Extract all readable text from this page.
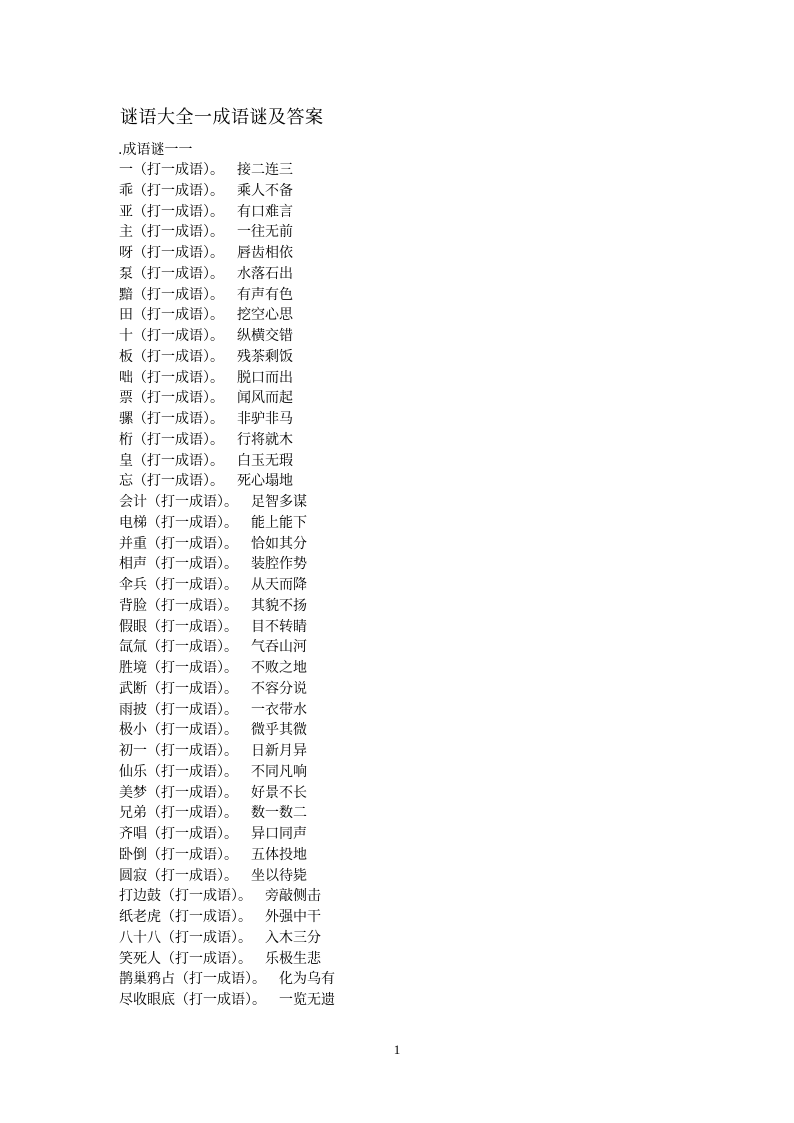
谜语大全一成语谜及答案
.成语谜一一
一（打一成语）。 接二连三
乖（打一成语）。 乘人不备
亚（打一成语）。 有口难言
主（打一成语）。 一往无前
呀（打一成语）。 唇齿相依
泵（打一成语）。 水落石出
黯（打一成语）。 有声有色
田（打一成语）。 挖空心思
十（打一成语）。 纵横交错
板（打一成语）。 残茶剩饭
咄（打一成语）。 脱口而出
票（打一成语）。 闻风而起
骡（打一成语）。 非驴非马
桁（打一成语）。 行将就木
皇（打一成语）。 白玉无瑕
忘（打一成语）。 死心塌地
会计（打一成语）。 足智多谋
电梯（打一成语）。 能上能下
并重（打一成语）。 恰如其分
相声（打一成语）。 装腔作势
伞兵（打一成语）。 从天而降
背脸（打一成语）。 其貌不扬
假眼（打一成语）。 目不转睛
氙氚（打一成语）。 气吞山河
胜境（打一成语）。 不败之地
武断（打一成语）。 不容分说
雨披（打一成语）。 一衣带水
极小（打一成语）。 微乎其微
初一（打一成语）。 日新月异
仙乐（打一成语）。 不同凡响
美梦（打一成语）。 好景不长
兄弟（打一成语）。 数一数二
齐唱（打一成语）。 异口同声
卧倒（打一成语）。 五体投地
圆寂（打一成语）。 坐以待毙
打边鼓（打一成语）。 旁敲侧击
纸老虎（打一成语）。 外强中干
八十八（打一成语）。 入木三分
笑死人（打一成语）。 乐极生悲
鹊巢鸦占（打一成语）。 化为乌有
尽收眼底（打一成语）。 一览无遗
1
